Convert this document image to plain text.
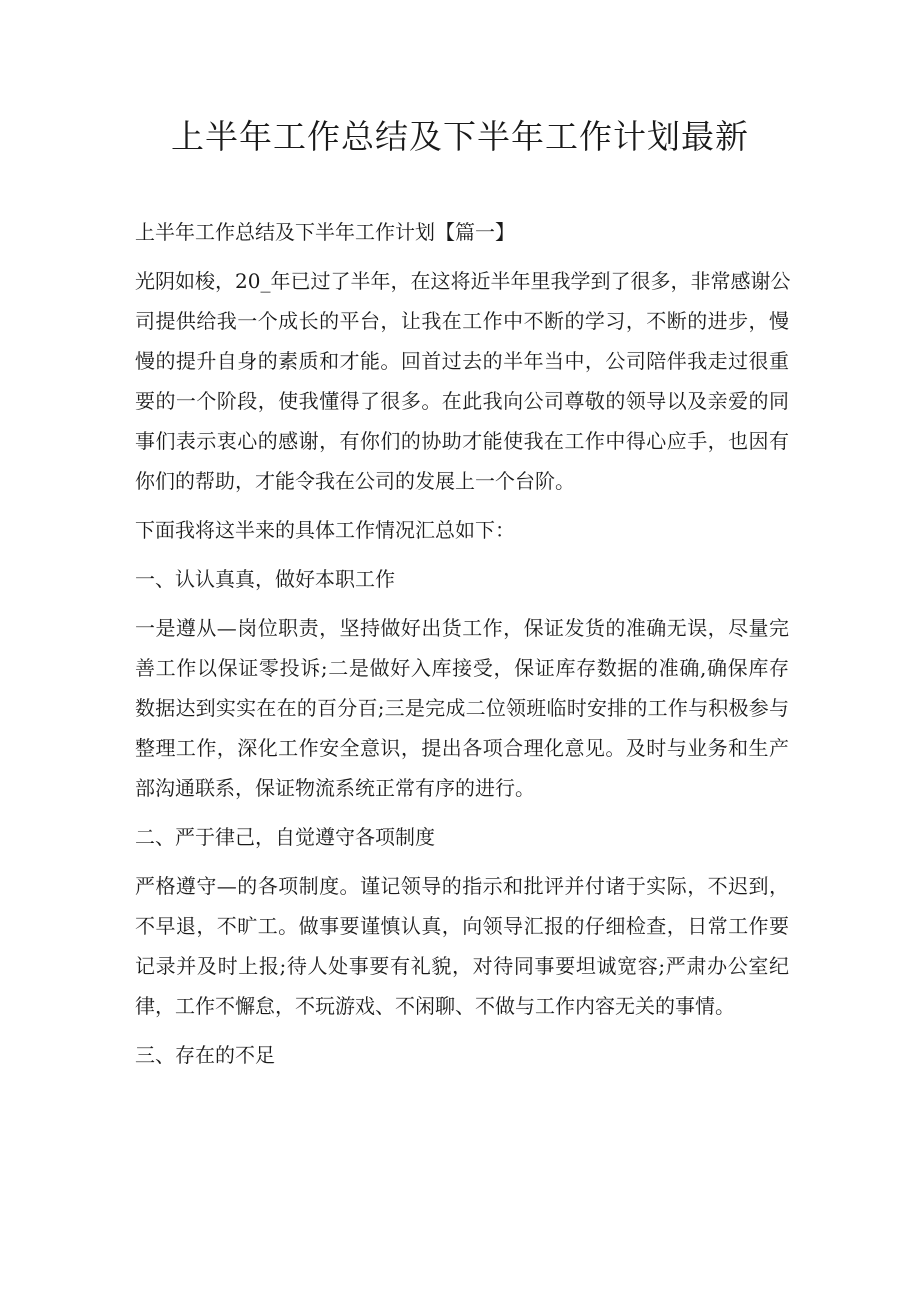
上半年工作总结及下半年工作计划最新

上半年工作总结及下半年工作计划【篇一】

光阴如梭，20_年已过了半年，在这将近半年里我学到了很多，非常感谢公

司提供给我一个成长的平台，让我在工作中不断的学习，不断的进步，慢

慢的提升自身的素质和才能。回首过去的半年当中，公司陪伴我走过很重

要的一个阶段，使我懂得了很多。在此我向公司尊敬的领导以及亲爱的同

事们表示衷心的感谢，有你们的协助才能使我在工作中得心应手，也因有

你们的帮助，才能令我在公司的发展上一个台阶。

下面我将这半来的具体工作情况汇总如下：

一、认认真真，做好本职工作

一是遵从—岗位职责，坚持做好出货工作，保证发货的准确无误，尽量完

善工作以保证零投诉;二是做好入库接受，保证库存数据的准确,确保库存

数据达到实实在在的百分百;三是完成二位领班临时安排的工作与积极参与

整理工作，深化工作安全意识，提出各项合理化意见。及时与业务和生产

部沟通联系，保证物流系统正常有序的进行。

二、严于律己，自觉遵守各项制度

严格遵守—的各项制度。谨记领导的指示和批评并付诸于实际，不迟到，

不早退，不旷工。做事要谨慎认真，向领导汇报的仔细检查，日常工作要

记录并及时上报;待人处事要有礼貌，对待同事要坦诚宽容;严肃办公室纪

律，工作不懈怠，不玩游戏、不闲聊、不做与工作内容无关的事情。

三、存在的不足
